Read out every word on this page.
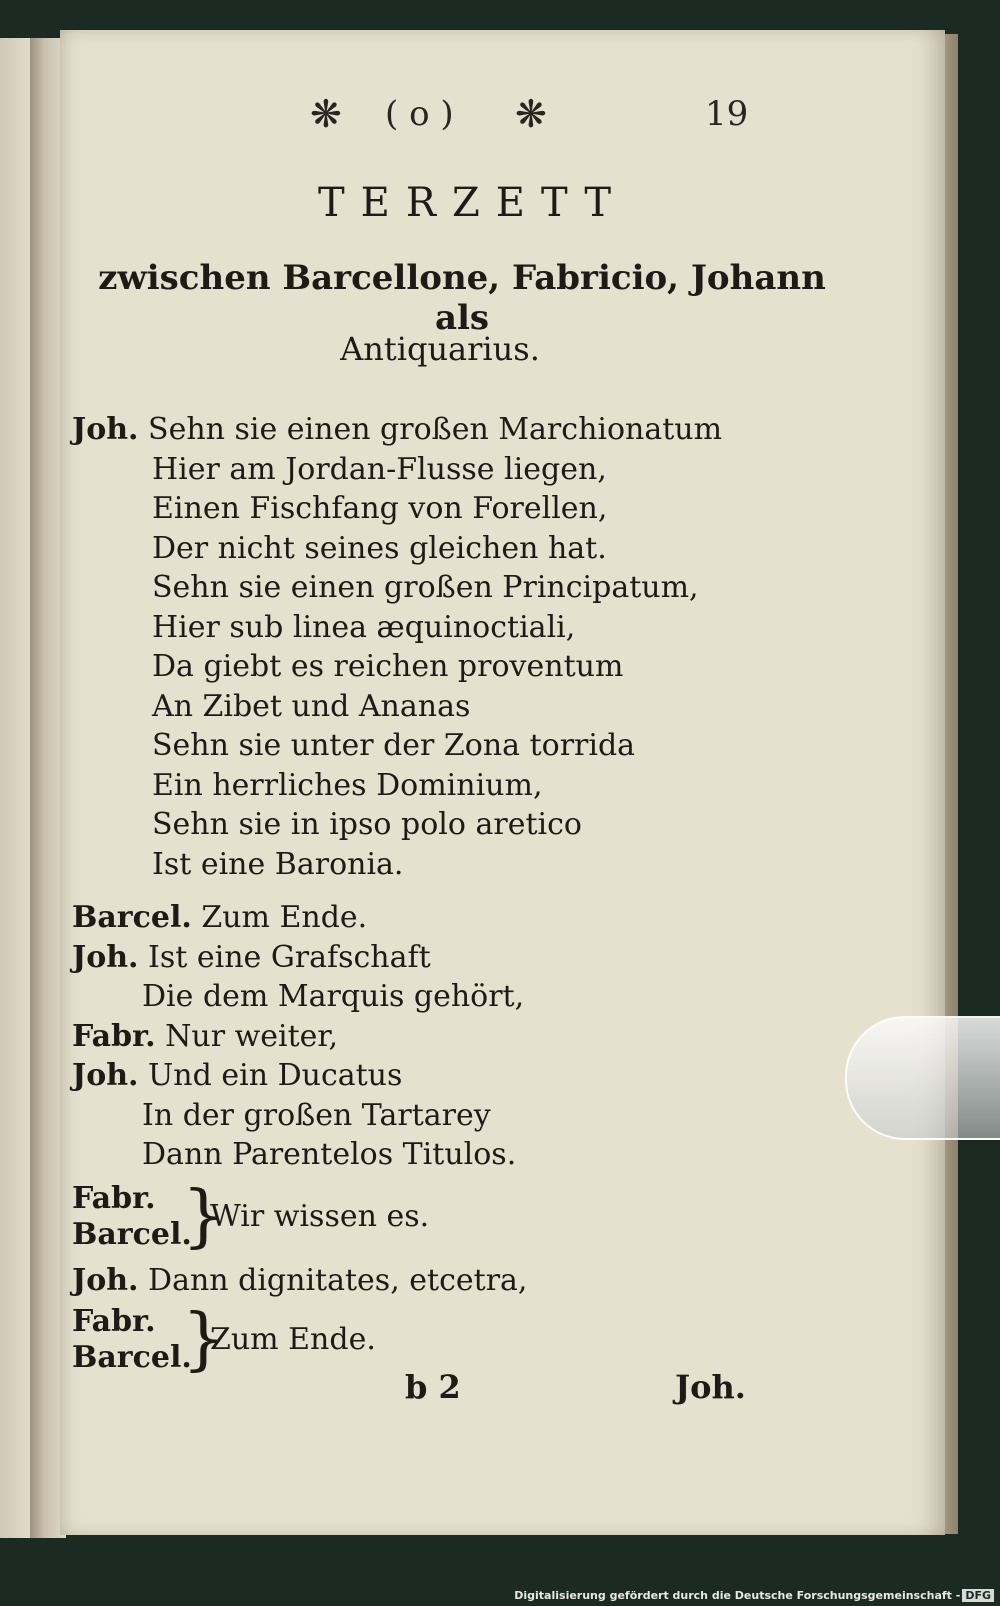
❋ ( o ) ❋	19
TERZETT
zwischen Barcellone, Fabricio, Johann als
Antiquarius.
Joh. Sehn sie einen großen Marchionatum
Hier am Jordan-Flusse liegen,
Einen Fischfang von Forellen,
Der nicht seines gleichen hat.
Sehn sie einen großen Principatum,
Hier sub linea æquinoctiali,
Da giebt es reichen proventum
An Zibet und Ananas
Sehn sie unter der Zona torrida
Ein herrliches Dominium,
Sehn sie in ipso polo aretico
Ist eine Baronia.
Barcel. Zum Ende.
Joh. Ist eine Grafschaft
Die dem Marquis gehört,
Fabr. Nur weiter,
Joh. Und ein Ducatus
In der großen Tartarey
Dann Parentelos Titulos.
Fabr.
Barcel.
}
Wir wissen es.
Joh. Dann dignitates, etcetra,
Fabr.
Barcel.
}
Zum Ende.
b 2	Joh.
Digitalisierung gefördert durch die Deutsche Forschungsgemeinschaft - DFG
